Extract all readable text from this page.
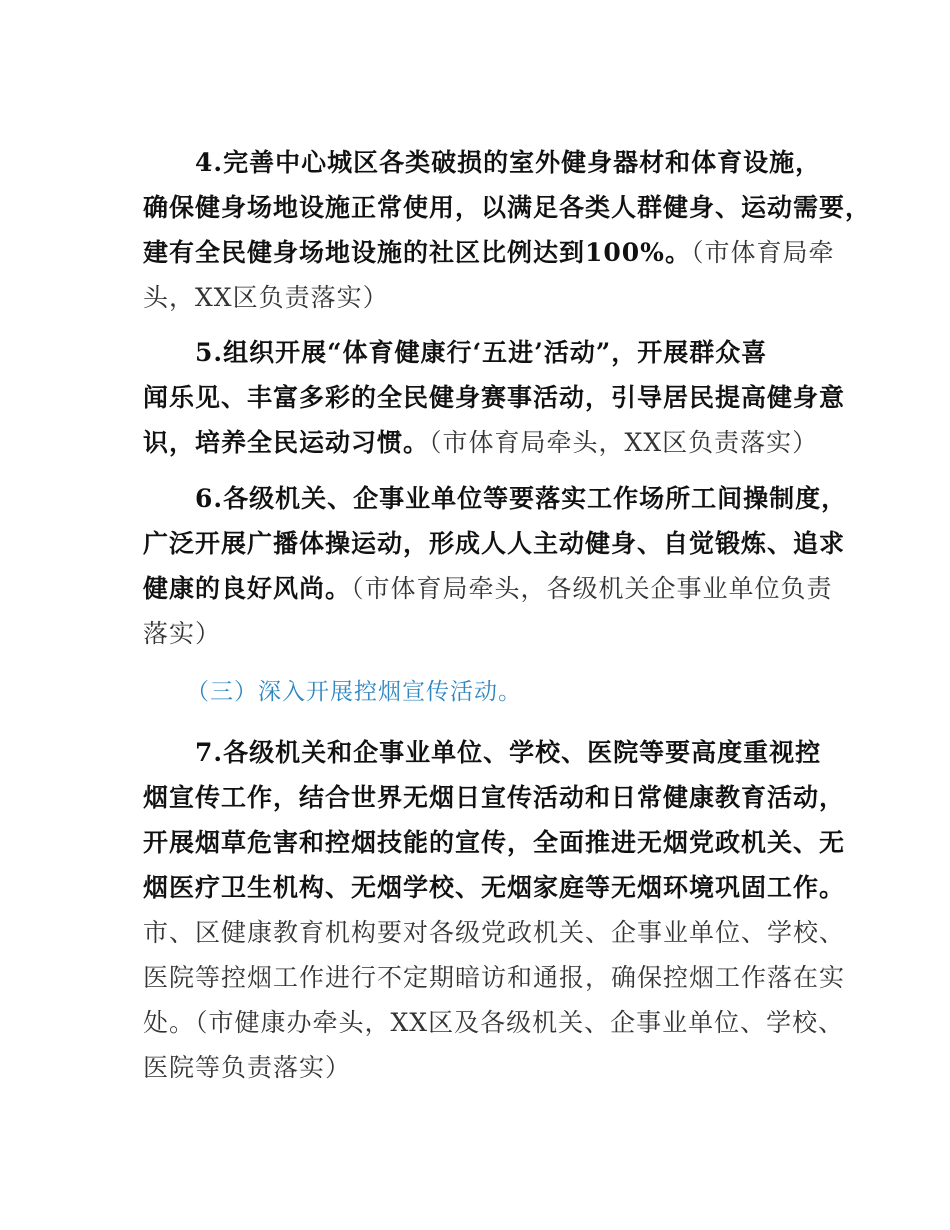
4.完善中心城区各类破损的室外健身器材和体育设施，
确保健身场地设施正常使用，以满足各类人群健身、运动需要，
建有全民健身场地设施的社区比例达到100%。（市体育局牵
头，XX区负责落实）
5.组织开展“体育健康行‘五进’活动”，开展群众喜
闻乐见、丰富多彩的全民健身赛事活动，引导居民提高健身意
识，培养全民运动习惯。（市体育局牵头，XX区负责落实）
6.各级机关、企事业单位等要落实工作场所工间操制度，
广泛开展广播体操运动，形成人人主动健身、自觉锻炼、追求
健康的良好风尚。（市体育局牵头，各级机关企事业单位负责
落实）
（三）深入开展控烟宣传活动。
7.各级机关和企事业单位、学校、医院等要高度重视控
烟宣传工作，结合世界无烟日宣传活动和日常健康教育活动，
开展烟草危害和控烟技能的宣传，全面推进无烟党政机关、无
烟医疗卫生机构、无烟学校、无烟家庭等无烟环境巩固工作。
市、区健康教育机构要对各级党政机关、企事业单位、学校、
医院等控烟工作进行不定期暗访和通报，确保控烟工作落在实
处。（市健康办牵头，XX区及各级机关、企事业单位、学校、
医院等负责落实）
